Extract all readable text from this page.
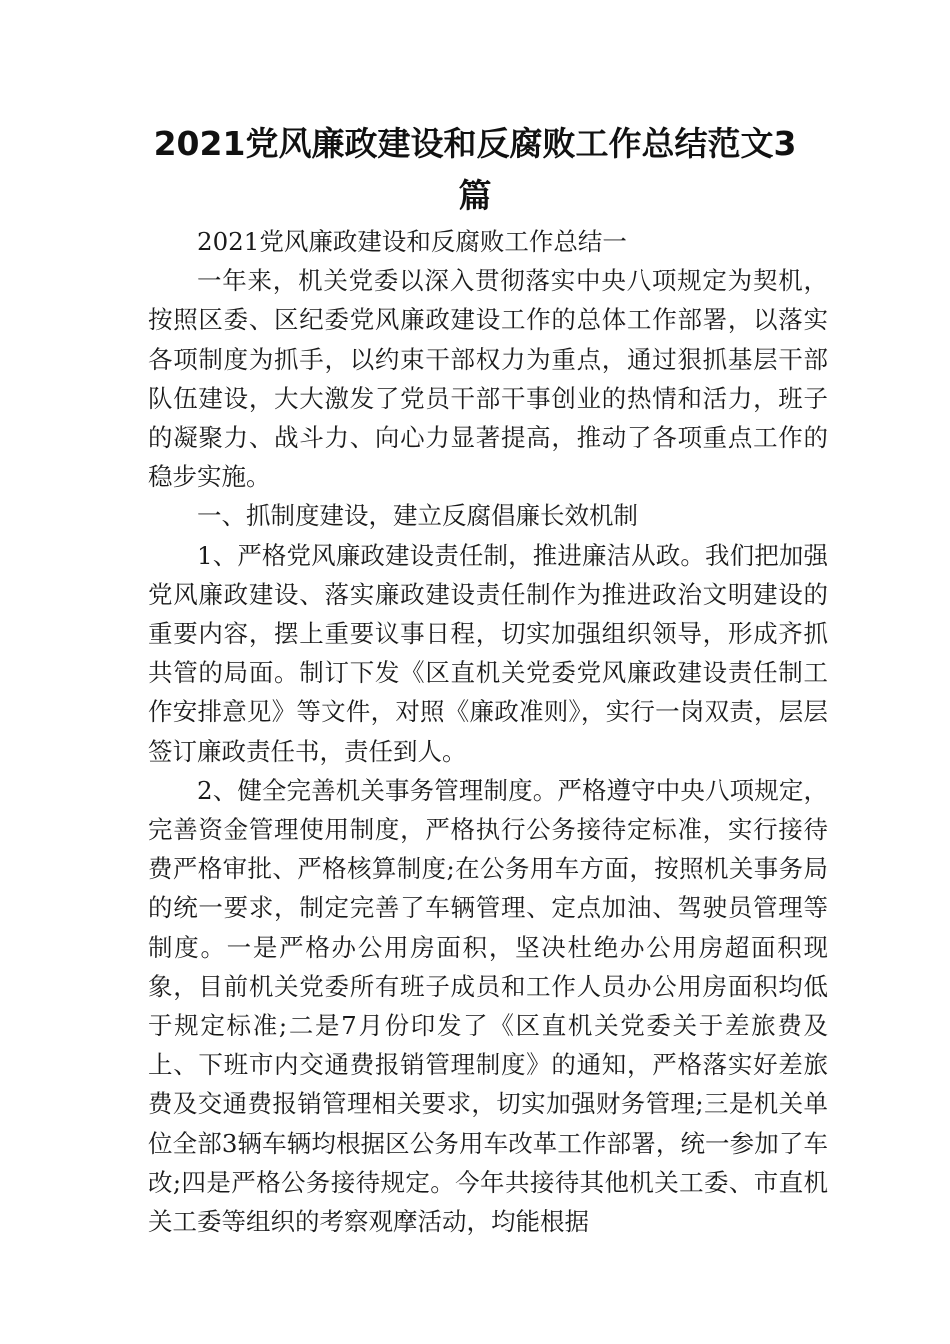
2021党风廉政建设和反腐败工作总结范文3篇

2021党风廉政建设和反腐败工作总结一

一年来，机关党委以深入贯彻落实中央八项规定为契机，按照区委、区纪委党风廉政建设工作的总体工作部署，以落实各项制度为抓手，以约束干部权力为重点，通过狠抓基层干部队伍建设，大大激发了党员干部干事创业的热情和活力，班子的凝聚力、战斗力、向心力显著提高，推动了各项重点工作的稳步实施。

一、抓制度建设，建立反腐倡廉长效机制

1、严格党风廉政建设责任制，推进廉洁从政。我们把加强党风廉政建设、落实廉政建设责任制作为推进政治文明建设的重要内容，摆上重要议事日程，切实加强组织领导，形成齐抓共管的局面。制订下发《区直机关党委党风廉政建设责任制工作安排意见》等文件，对照《廉政准则》，实行一岗双责，层层签订廉政责任书，责任到人。

2、健全完善机关事务管理制度。严格遵守中央八项规定，完善资金管理使用制度，严格执行公务接待定标准，实行接待费严格审批、严格核算制度;在公务用车方面，按照机关事务局的统一要求，制定完善了车辆管理、定点加油、驾驶员管理等制度。一是严格办公用房面积，坚决杜绝办公用房超面积现象，目前机关党委所有班子成员和工作人员办公用房面积均低于规定标准;二是7月份印发了《区直机关党委关于差旅费及上、下班市内交通费报销管理制度》的通知，严格落实好差旅费及交通费报销管理相关要求，切实加强财务管理;三是机关单位全部3辆车辆均根据区公务用车改革工作部署，统一参加了车改;四是严格公务接待规定。今年共接待其他机关工委、市直机关工委等组织的考察观摩活动，均能根据
